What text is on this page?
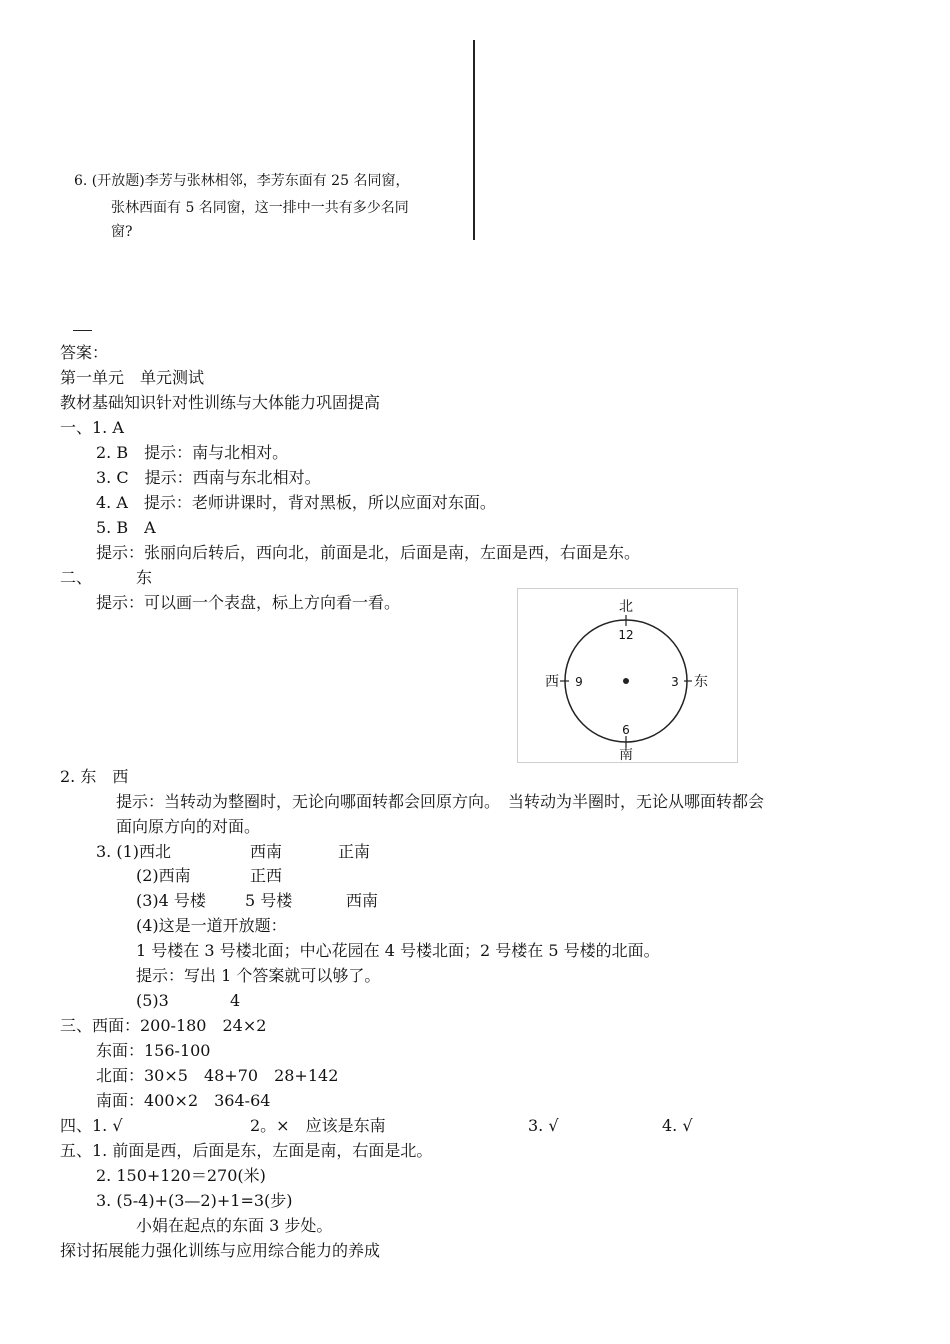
6. (开放题)李芳与张林相邻，李芳东面有 25 名同窗，
张林西面有 5 名同窗，这一排中一共有多少名同
窗?
答案：
第一单元　单元测试
教材基础知识针对性训练与大体能力巩固提高
一、1. A
2. B　提示：南与北相对。
3. C　提示：西南与东北相对。
4. A　提示：老师讲课时，背对黑板，所以应面对东面。
5. B　A
提示：张丽向后转后，西向北，前面是北，后面是南，左面是西，右面是东。
二、	东
提示：可以画一个表盘，标上方向看一看。	北
12
6
南
西 9	3 东
2. 东　西
提示：当转动为整圈时，无论向哪面转都会回原方向。　当转动为半圈时，无论从哪面转都会
面向原方向的对面。
3. (1)西北	西南	正南
(2)西南	正西
(3)4 号楼 5 号楼	西南
(4)这是一道开放题：
1 号楼在 3 号楼北面；中心花园在 4 号楼北面；2 号楼在 5 号楼的北面。
提示：写出 1 个答案就可以够了。
(5)3	4
三、西面：200-180　24×2
东面：156-100
北面：30×5　48+70　28+142
南面：400×2　364-64
四、1. √	2。×　应该是东南	3. √	4. √
五、1. 前面是西，后面是东，左面是南，右面是北。
2. 150+120＝270(米)
3. (5-4)+(3—2)+1=3(步)
小娟在起点的东面 3 步处。
探讨拓展能力强化训练与应用综合能力的养成
